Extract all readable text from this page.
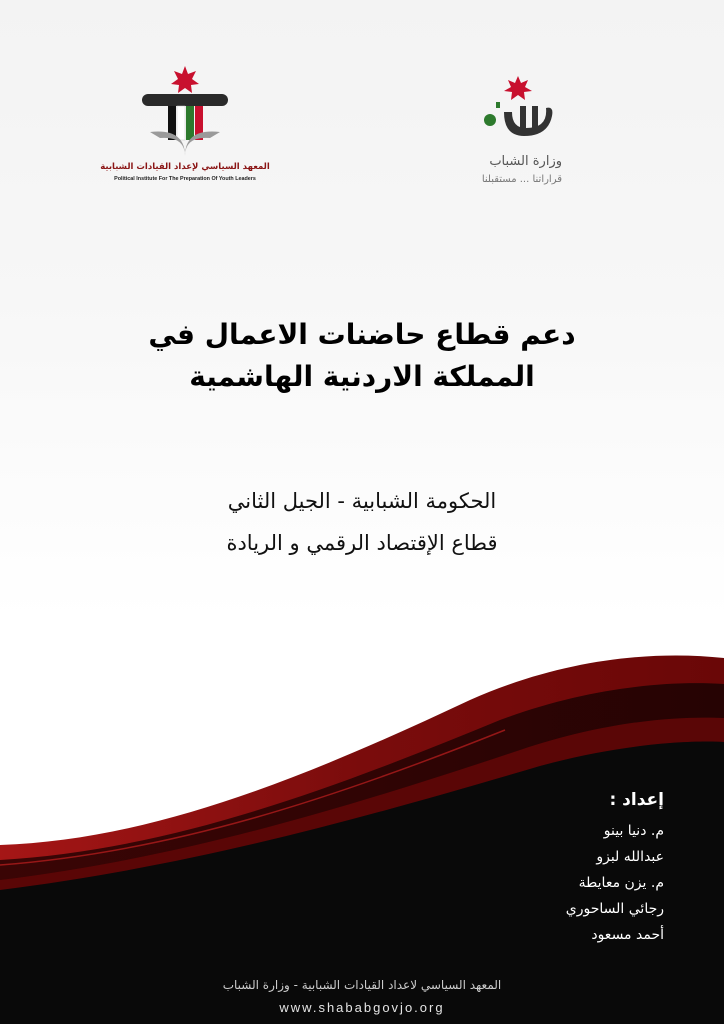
المعهد السياسي لإعداد القيادات الشبابية
Political Institute For The Preparation Of Youth Leaders
وزارة الشباب
قراراتنا ... مستقبلنا
دعم قطاع حاضنات الاعمال في
المملكة الاردنية الهاشمية
الحكومة الشبابية - الجيل الثاني
قطاع الإقتصاد الرقمي و الريادة
إعداد :
م. دنيا بينو
عبدالله لبزو
م. يزن معايطة
رجائي الساحوري
أحمد مسعود
المعهد السياسي لاعداد القيادات الشبابية - وزارة الشباب
www.shababgovjo.org
